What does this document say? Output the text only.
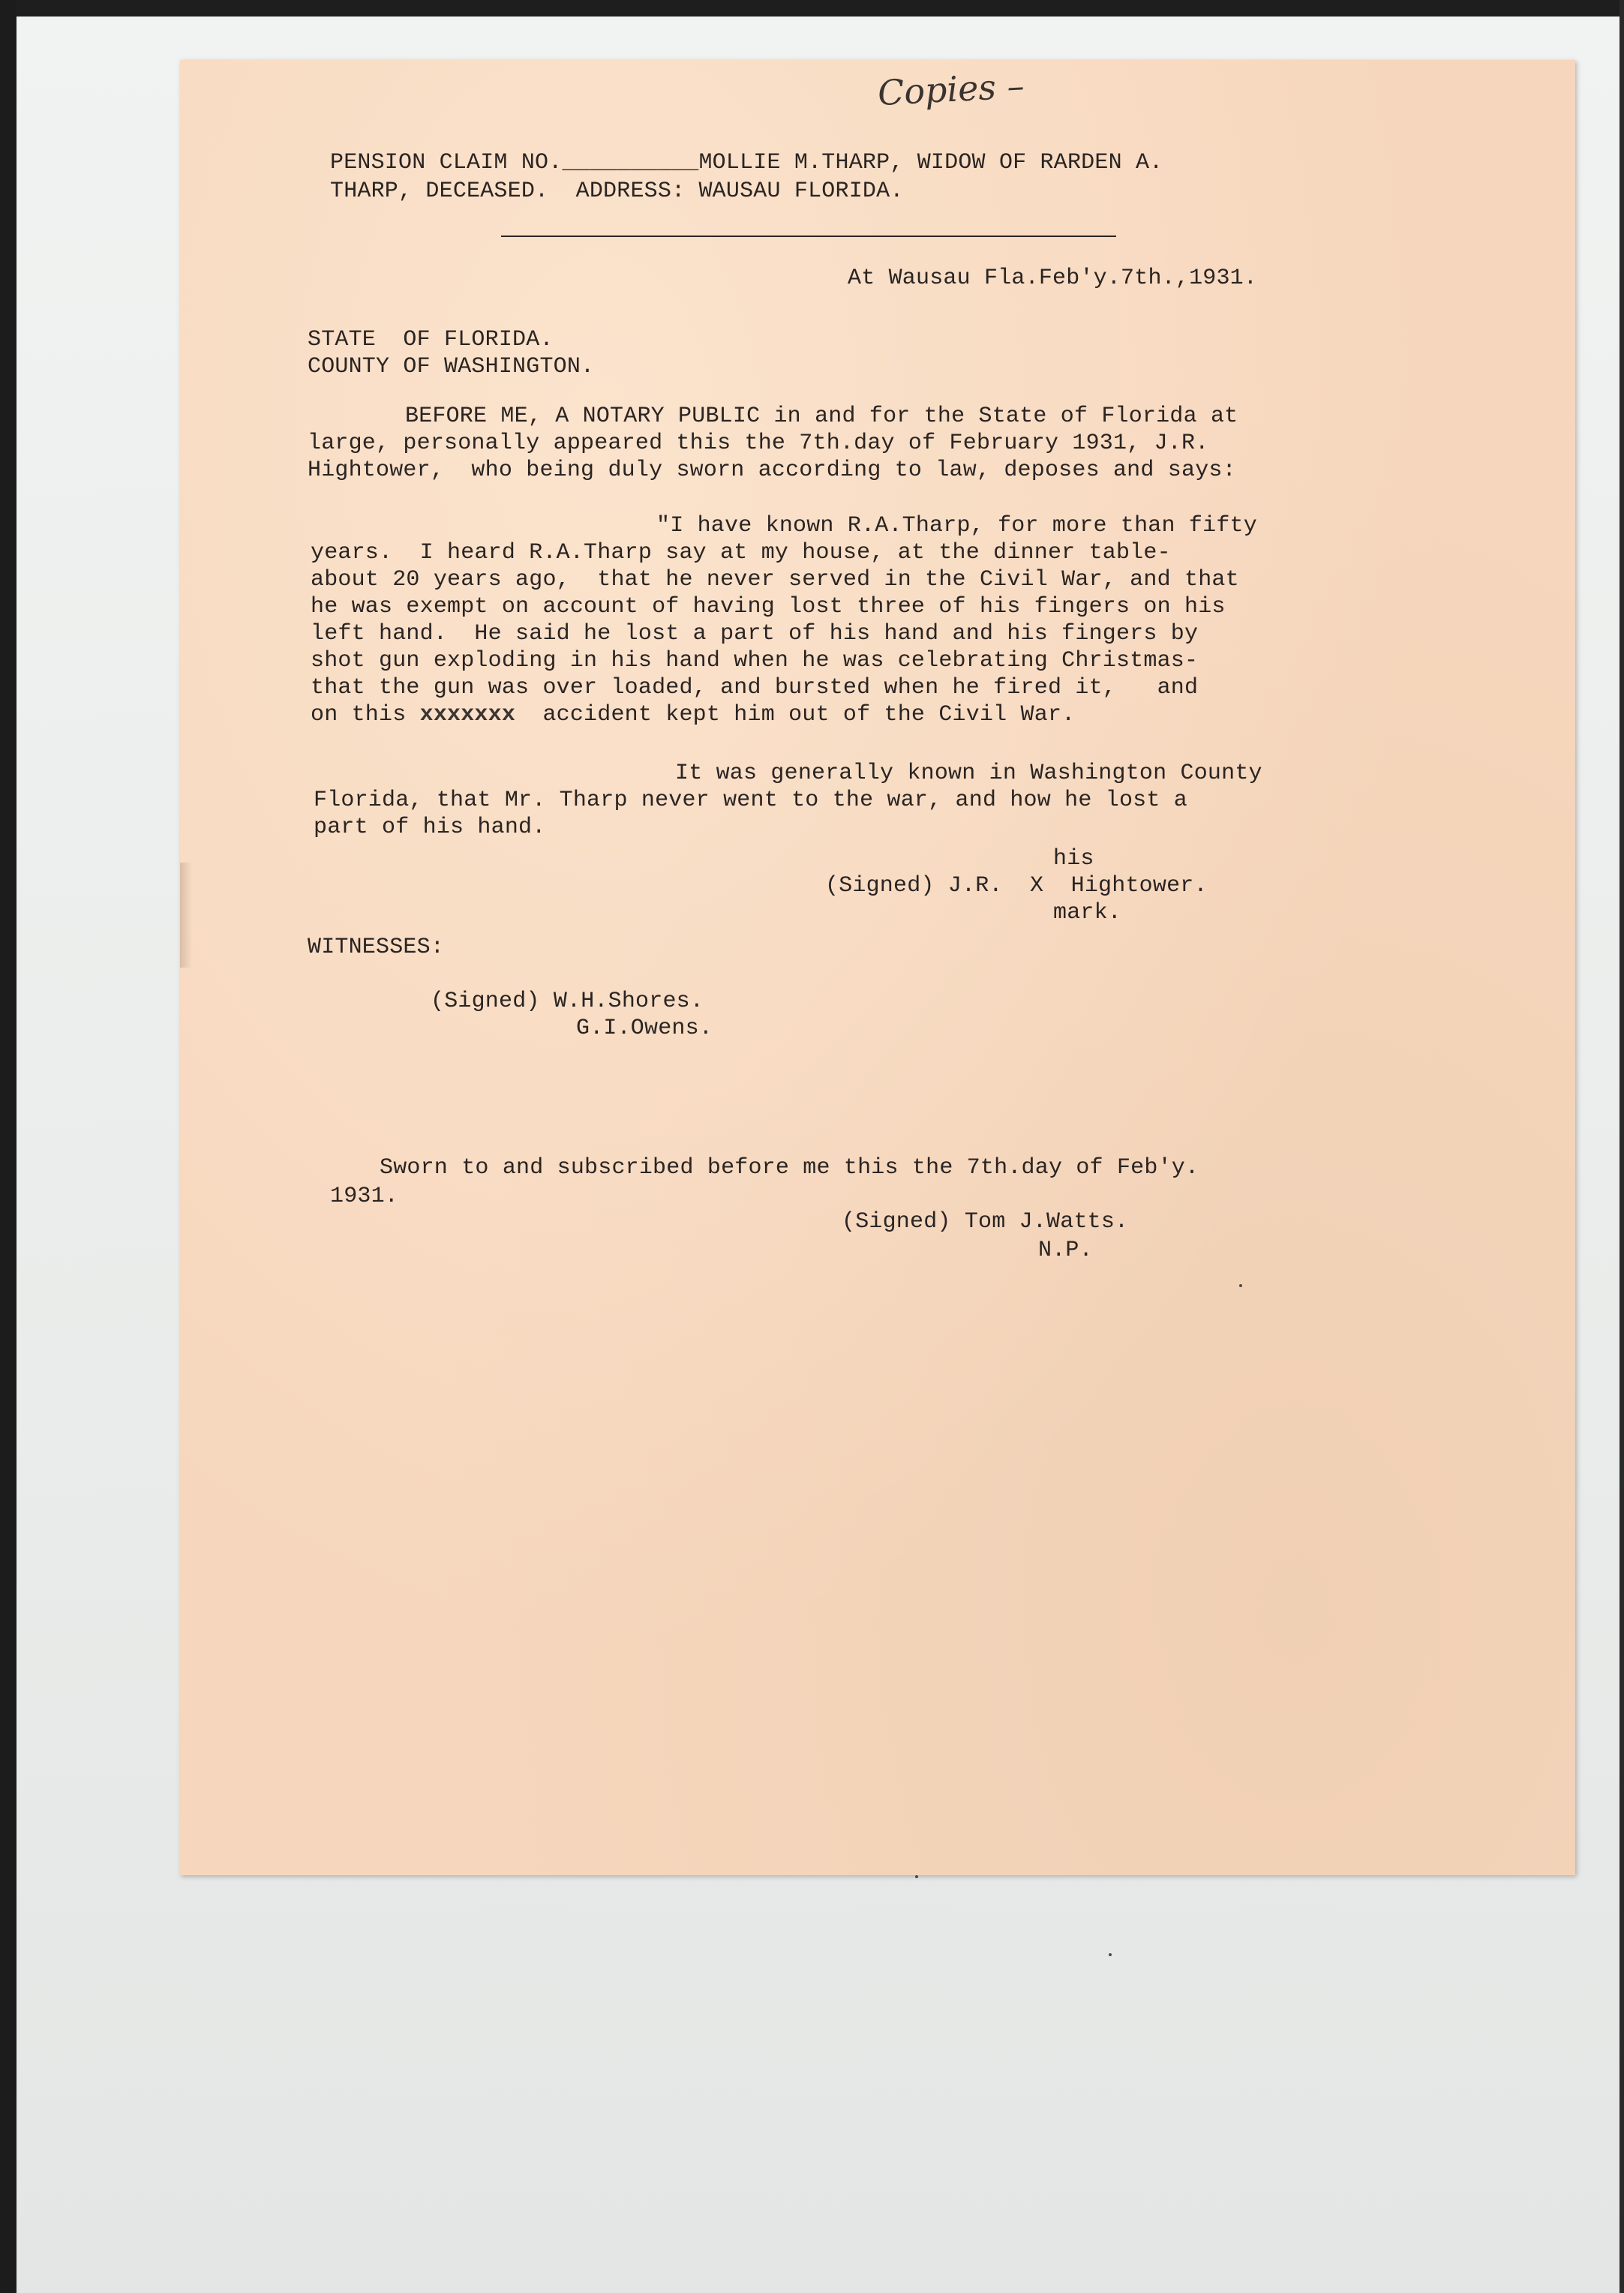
Copies –
PENSION CLAIM NO.__________MOLLIE M.THARP, WIDOW OF RARDEN A.
THARP, DECEASED.  ADDRESS: WAUSAU FLORIDA.
At Wausau Fla.Feb'y.7th.,1931.
STATE  OF FLORIDA.
COUNTY OF WASHINGTON.
BEFORE ME, A NOTARY PUBLIC in and for the State of Florida at
large, personally appeared this the 7th.day of February 1931, J.R.
Hightower,  who being duly sworn according to law, deposes and says:
"I have known R.A.Tharp, for more than fifty
years.  I heard R.A.Tharp say at my house, at the dinner table-
about 20 years ago,  that he never served in the Civil War, and that
he was exempt on account of having lost three of his fingers on his
left hand.  He said he lost a part of his hand and his fingers by
shot gun exploding in his hand when he was celebrating Christmas-
that the gun was over loaded, and bursted when he fired it,   and
on this xxxxxxx  accident kept him out of the Civil War.
It was generally known in Washington County
Florida, that Mr. Tharp never went to the war, and how he lost a
part of his hand.
his
(Signed) J.R.  X  Hightower.
mark.
WITNESSES:
(Signed) W.H.Shores.
G.I.Owens.
Sworn to and subscribed before me this the 7th.day of Feb'y.
1931.
(Signed) Tom J.Watts.
N.P.
